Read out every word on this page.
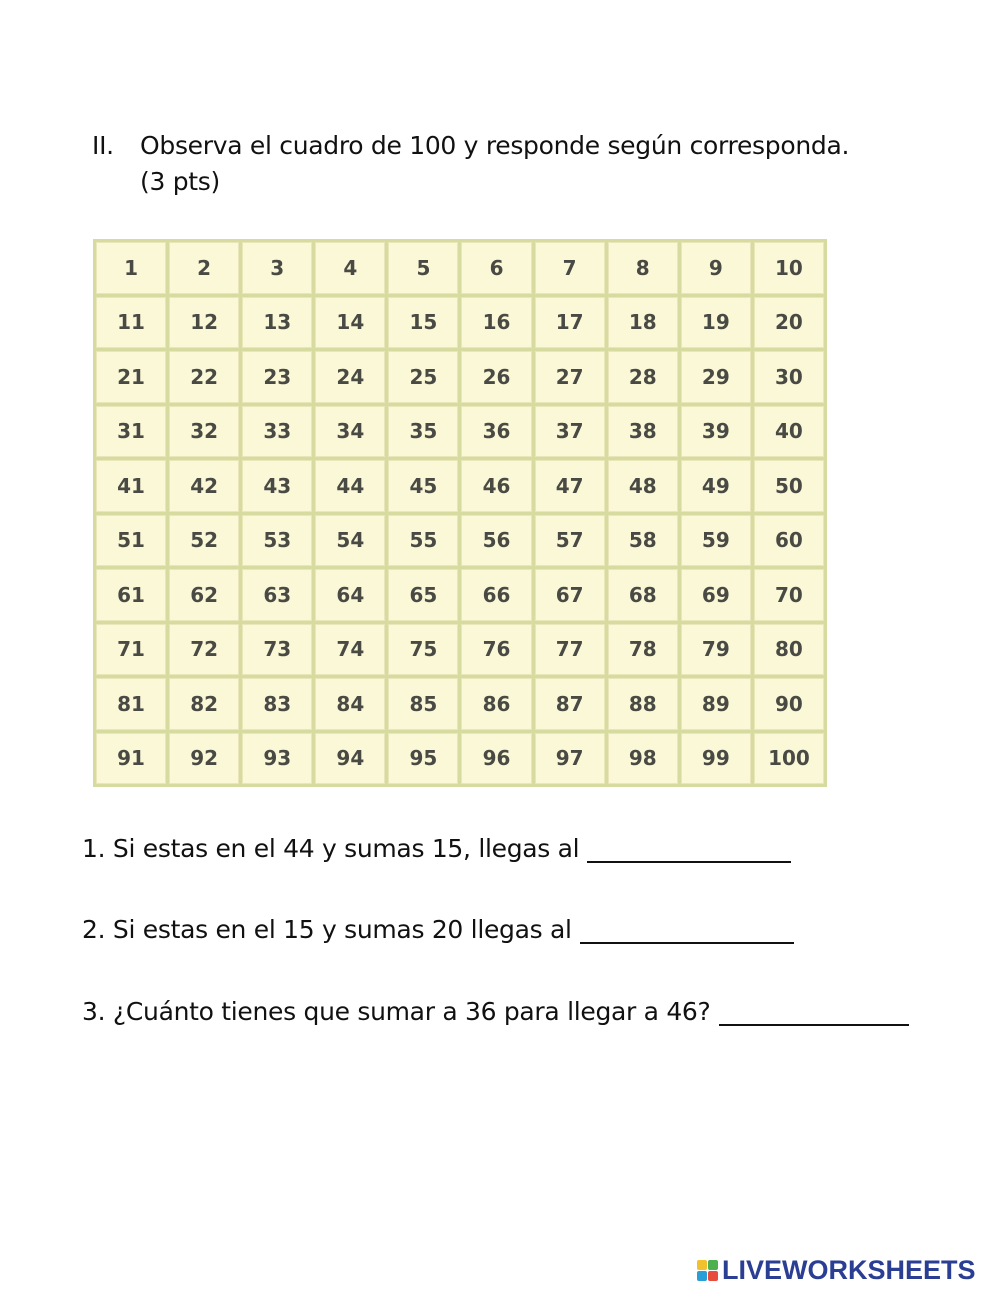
II.	Observa el cuadro de 100 y responde según corresponda. (3 pts)
1	2	3	4	5	6	7	8	9	10
11	12	13	14	15	16	17	18	19	20
21	22	23	24	25	26	27	28	29	30
31	32	33	34	35	36	37	38	39	40
41	42	43	44	45	46	47	48	49	50
51	52	53	54	55	56	57	58	59	60
61	62	63	64	65	66	67	68	69	70
71	72	73	74	75	76	77	78	79	80
81	82	83	84	85	86	87	88	89	90
91	92	93	94	95	96	97	98	99	100
1. Si estas en el 44 y sumas 15, llegas al
2. Si estas en el 15 y sumas 20 llegas al
3. ¿Cuánto tienes que sumar a 36 para llegar a 46?
LIVEWORKSHEETS
